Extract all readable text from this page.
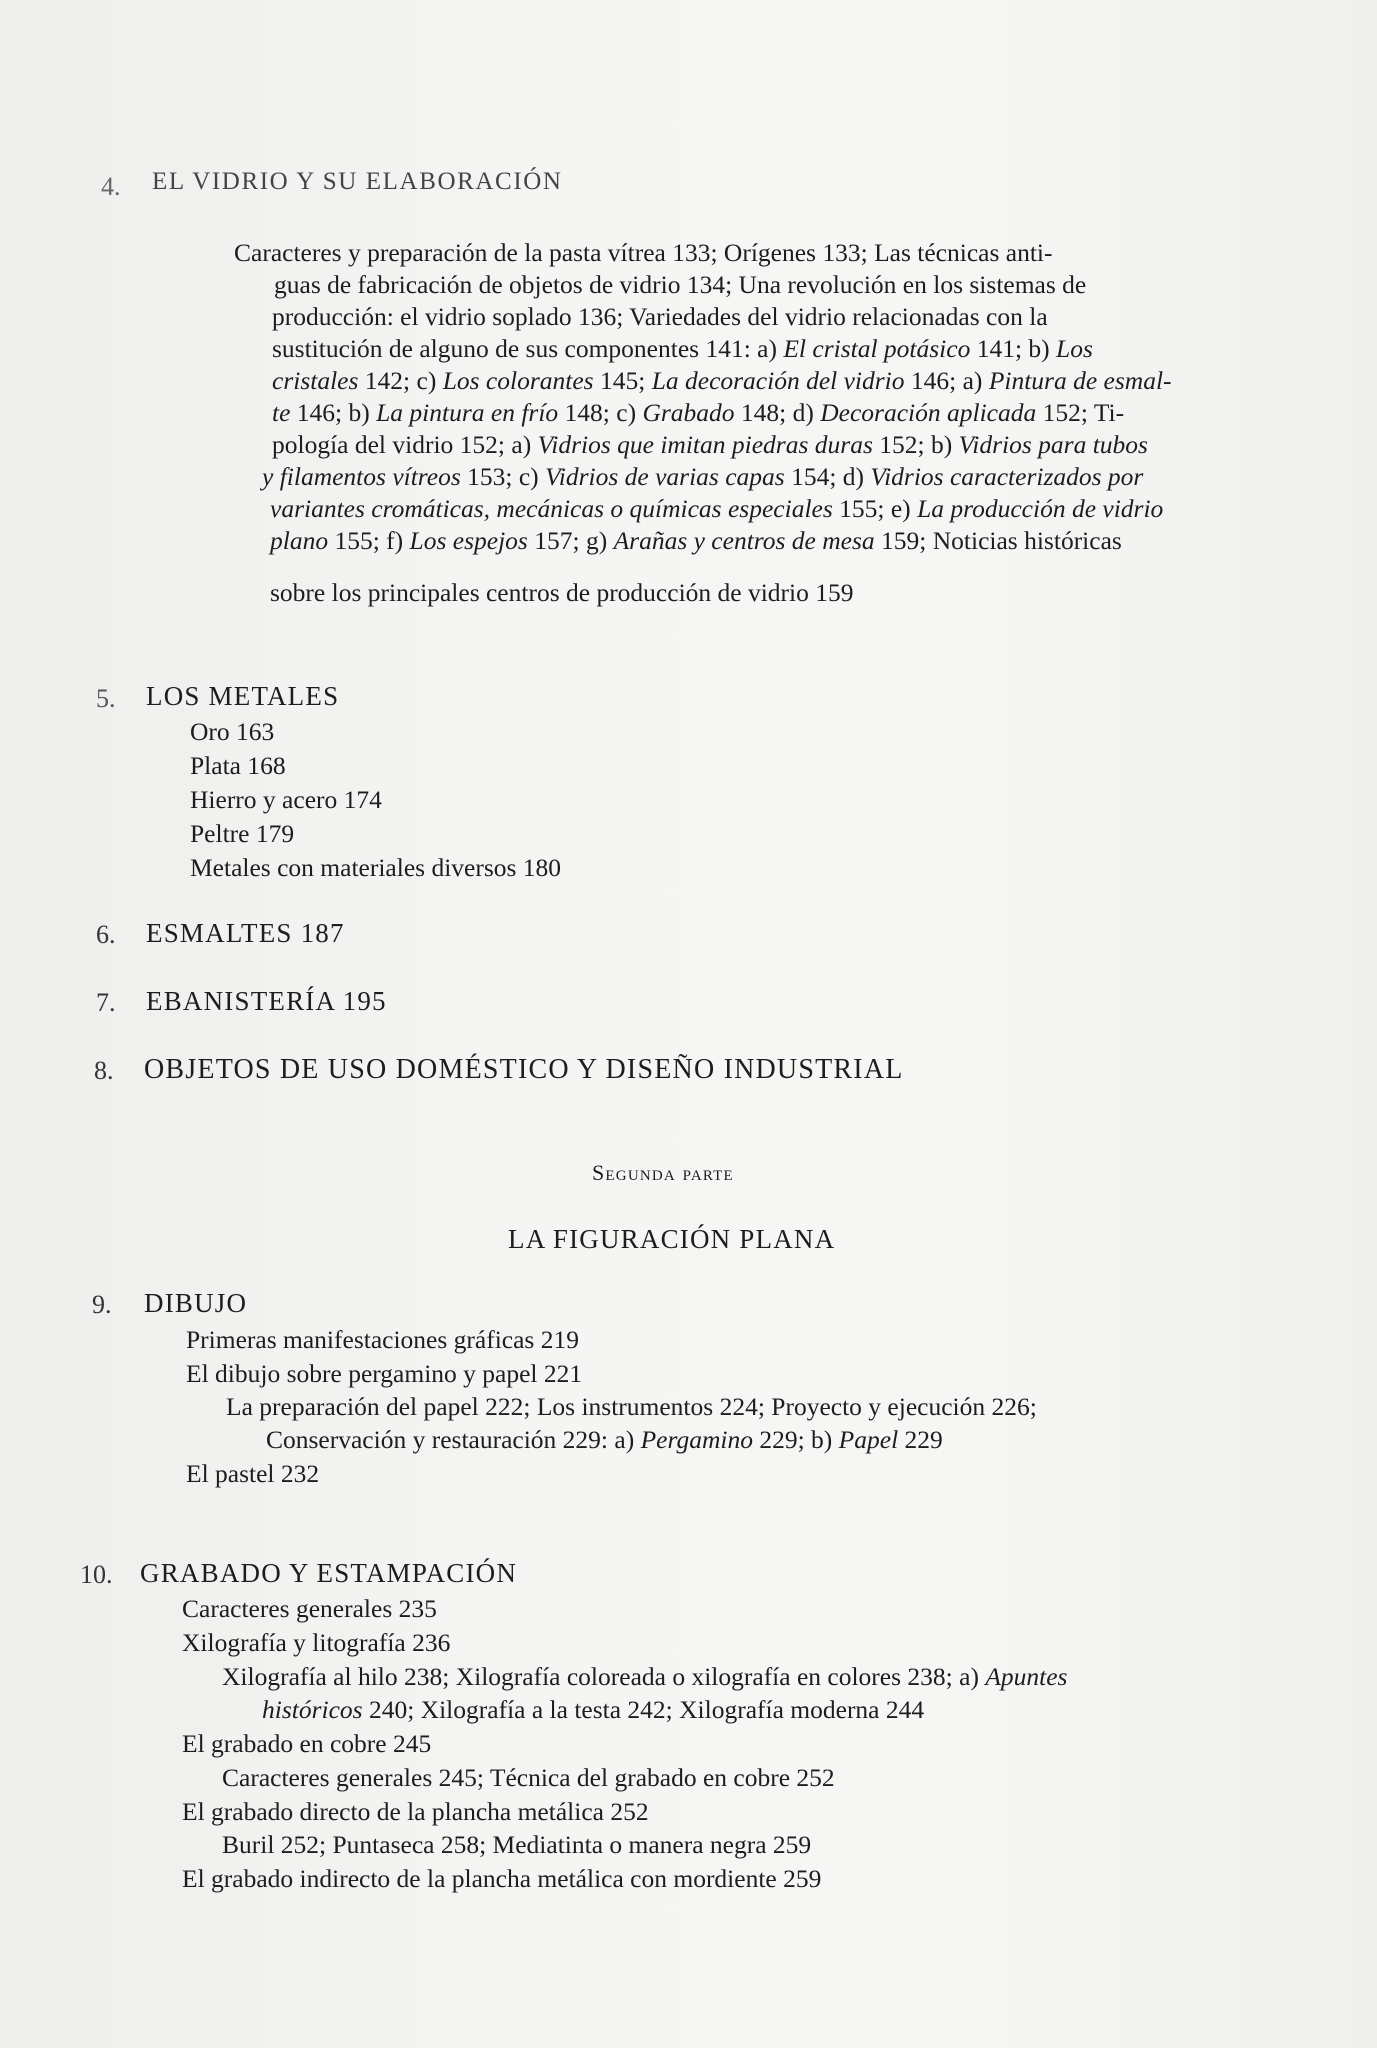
4. EL VIDRIO Y SU ELABORACIÓN
Caracteres y preparación de la pasta vítrea 133; Orígenes 133; Las técnicas anti-
guas de fabricación de objetos de vidrio 134; Una revolución en los sistemas de
producción: el vidrio soplado 136; Variedades del vidrio relacionadas con la
sustitución de alguno de sus componentes 141: a) El cristal potásico 141; b) Los
cristales 142; c) Los colorantes 145; La decoración del vidrio 146; a) Pintura de esmal-
te 146; b) La pintura en frío 148; c) Grabado 148; d) Decoración aplicada 152; Ti-
pología del vidrio 152; a) Vidrios que imitan piedras duras 152; b) Vidrios para tubos
y filamentos vítreos 153; c) Vidrios de varias capas 154; d) Vidrios caracterizados por
variantes cromáticas, mecánicas o químicas especiales 155; e) La producción de vidrio
plano 155; f) Los espejos 157; g) Arañas y centros de mesa 159; Noticias históricas
sobre los principales centros de producción de vidrio 159
5. LOS METALES
Oro 163
Plata 168
Hierro y acero 174
Peltre 179
Metales con materiales diversos 180
6. ESMALTES 187
7. EBANISTERÍA 195
8. OBJETOS DE USO DOMÉSTICO Y DISEÑO INDUSTRIAL
Segunda parte
LA FIGURACIÓN PLANA
9. DIBUJO
Primeras manifestaciones gráficas 219
El dibujo sobre pergamino y papel 221
La preparación del papel 222; Los instrumentos 224; Proyecto y ejecución 226;
Conservación y restauración 229: a) Pergamino 229; b) Papel 229
El pastel 232
10. GRABADO Y ESTAMPACIÓN
Caracteres generales 235
Xilografía y litografía 236
Xilografía al hilo 238; Xilografía coloreada o xilografía en colores 238; a) Apuntes
históricos 240; Xilografía a la testa 242; Xilografía moderna 244
El grabado en cobre 245
Caracteres generales 245; Técnica del grabado en cobre 252
El grabado directo de la plancha metálica 252
Buril 252; Puntaseca 258; Mediatinta o manera negra 259
El grabado indirecto de la plancha metálica con mordiente 259
